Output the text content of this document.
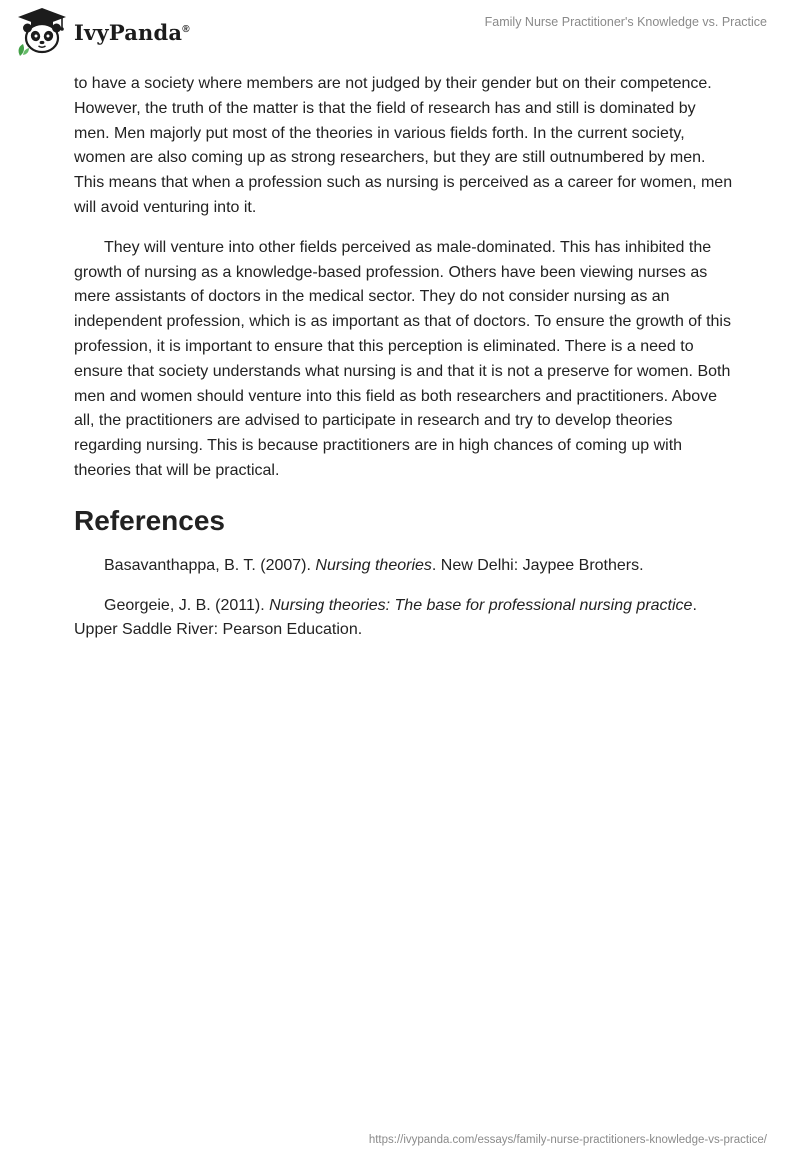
IvyPanda®	Family Nurse Practitioner's Knowledge vs. Practice

to have a society where members are not judged by their gender but on their competence. However, the truth of the matter is that the field of research has and still is dominated by men. Men majorly put most of the theories in various fields forth. In the current society, women are also coming up as strong researchers, but they are still outnumbered by men. This means that when a profession such as nursing is perceived as a career for women, men will avoid venturing into it.

They will venture into other fields perceived as male-dominated. This has inhibited the growth of nursing as a knowledge-based profession. Others have been viewing nurses as mere assistants of doctors in the medical sector. They do not consider nursing as an independent profession, which is as important as that of doctors. To ensure the growth of this profession, it is important to ensure that this perception is eliminated. There is a need to ensure that society understands what nursing is and that it is not a preserve for women. Both men and women should venture into this field as both researchers and practitioners. Above all, the practitioners are advised to participate in research and try to develop theories regarding nursing. This is because practitioners are in high chances of coming up with theories that will be practical.

References

Basavanthappa, B. T. (2007). Nursing theories. New Delhi: Jaypee Brothers.

Georgeie, J. B. (2011). Nursing theories: The base for professional nursing practice. Upper Saddle River: Pearson Education.

https://ivypanda.com/essays/family-nurse-practitioners-knowledge-vs-practice/
